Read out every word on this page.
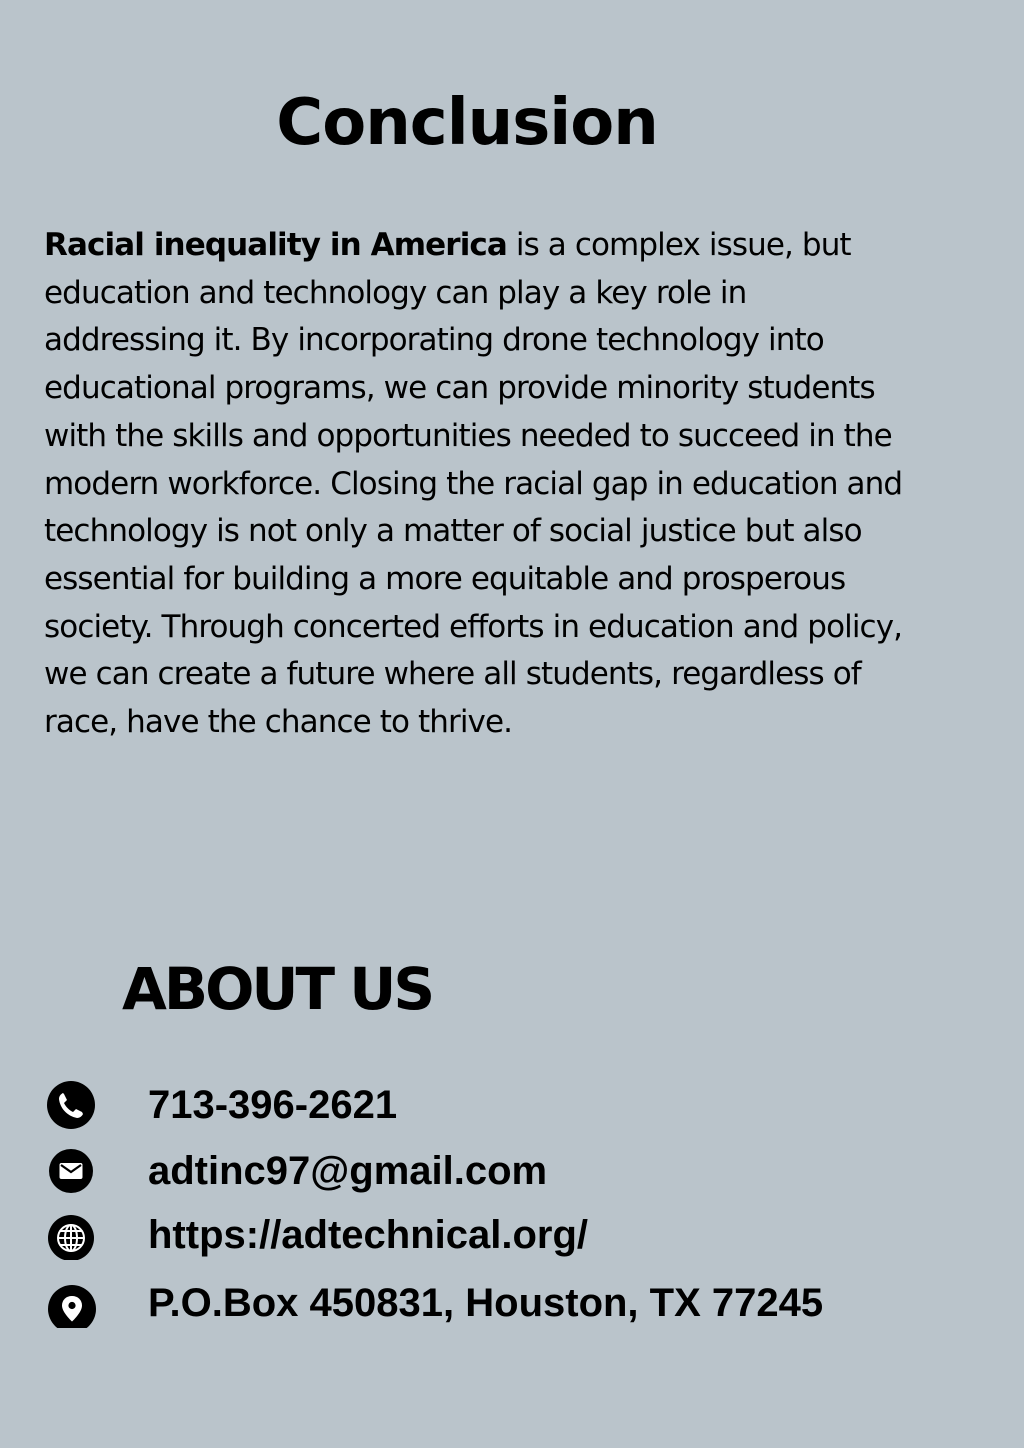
Conclusion

Racial inequality in America is a complex issue, but education and technology can play a key role in addressing it. By incorporating drone technology into educational programs, we can provide minority students with the skills and opportunities needed to succeed in the modern workforce. Closing the racial gap in education and technology is not only a matter of social justice but also essential for building a more equitable and prosperous society. Through concerted efforts in education and policy, we can create a future where all students, regardless of race, have the chance to thrive.

ABOUT US
713-396-2621
adtinc97@gmail.com
https://adtechnical.org/
P.O.Box 450831, Houston, TX 77245
